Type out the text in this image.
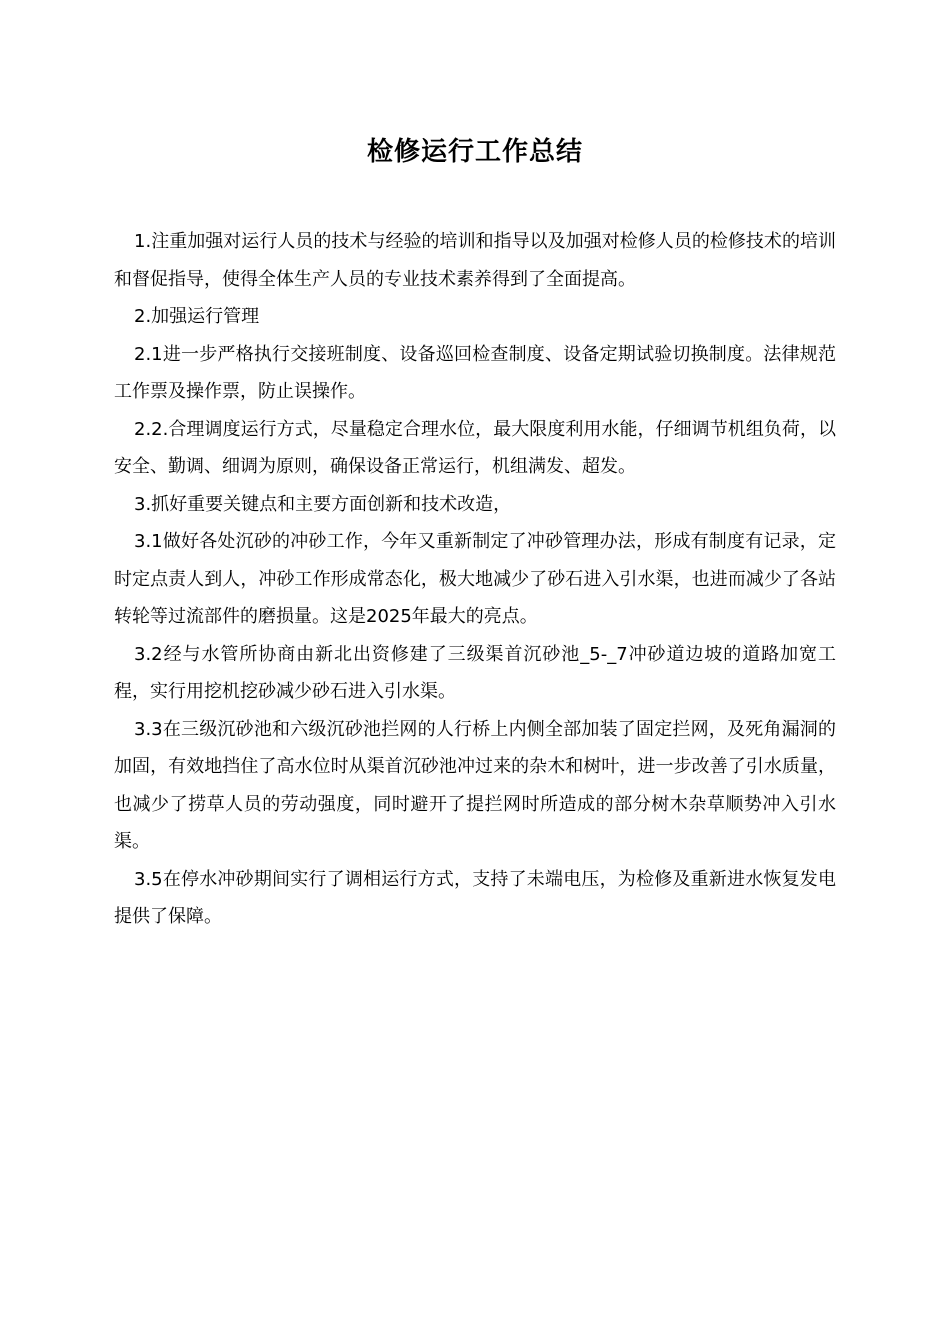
检修运行工作总结

1.注重加强对运行人员的技术与经验的培训和指导以及加强对检修人员的检修技术的培训和督促指导，使得全体生产人员的专业技术素养得到了全面提高。

2.加强运行管理

2.1进一步严格执行交接班制度、设备巡回检查制度、设备定期试验切换制度。法律规范工作票及操作票，防止误操作。

2.2.合理调度运行方式，尽量稳定合理水位，最大限度利用水能，仔细调节机组负荷，以安全、勤调、细调为原则，确保设备正常运行，机组满发、超发。

3.抓好重要关键点和主要方面创新和技术改造，

3.1做好各处沉砂的冲砂工作，今年又重新制定了冲砂管理办法，形成有制度有记录，定时定点责人到人，冲砂工作形成常态化，极大地减少了砂石进入引水渠，也进而减少了各站转轮等过流部件的磨损量。这是2025年最大的亮点。

3.2经与水管所协商由新北出资修建了三级渠首沉砂池_5-_7冲砂道边坡的道路加宽工程，实行用挖机挖砂减少砂石进入引水渠。

3.3在三级沉砂池和六级沉砂池拦网的人行桥上内侧全部加装了固定拦网，及死角漏洞的加固，有效地挡住了高水位时从渠首沉砂池冲过来的杂木和树叶，进一步改善了引水质量，也减少了捞草人员的劳动强度，同时避开了提拦网时所造成的部分树木杂草顺势冲入引水渠。

3.5在停水冲砂期间实行了调相运行方式，支持了未端电压，为检修及重新进水恢复发电提供了保障。
